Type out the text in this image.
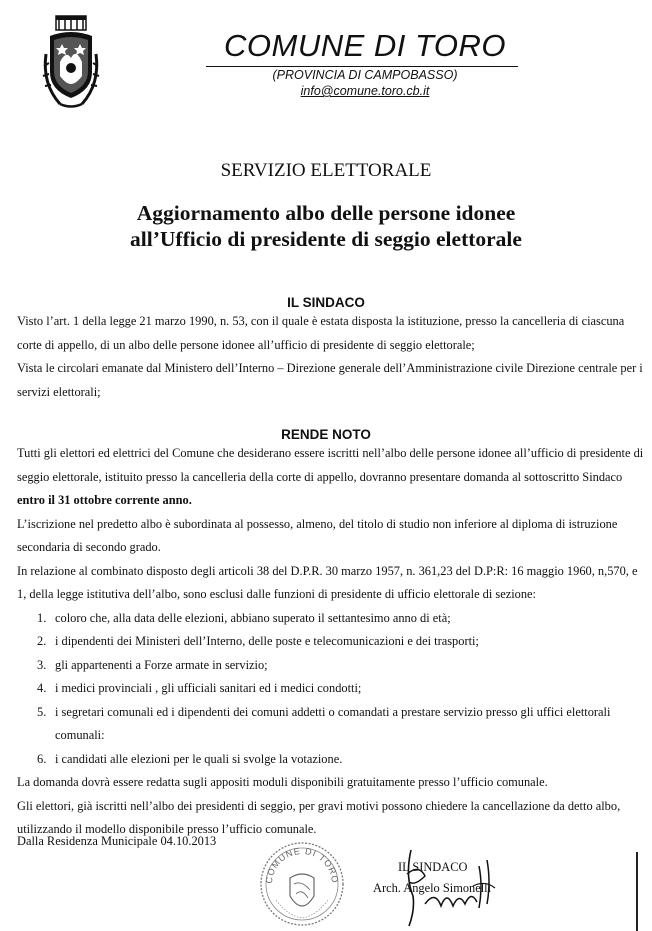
COMUNE DI TORO
(PROVINCIA DI CAMPOBASSO)
info@comune.toro.cb.it
SERVIZIO ELETTORALE
Aggiornamento albo delle persone idonee
all’Ufficio di presidente di seggio elettorale
IL SINDACO

Visto l’art. 1 della legge 21 marzo 1990, n. 53, con il quale è estata disposta la istituzione, presso la cancelleria di ciascuna corte di appello, di un albo delle persone idonee all’ufficio di presidente di seggio elettorale;

Vista le circolari emanate dal Ministero dell’Interno – Direzione generale dell’Amministrazione civile Direzione centrale per i servizi elettorali;

RENDE NOTO

Tutti gli elettori ed elettrici del Comune che desiderano essere iscritti nell’albo delle persone idonee all’ufficio di presidente di seggio elettorale, istituito presso la cancelleria della corte di appello, dovranno presentare domanda al sottoscritto Sindaco entro il 31 ottobre corrente anno.

L’iscrizione nel predetto albo è subordinata al possesso, almeno, del titolo di studio non inferiore al diploma di istruzione secondaria di secondo grado.

In relazione al combinato disposto degli articoli 38 del D.P.R. 30 marzo 1957, n. 361,23 del D.P:R: 16 maggio 1960, n,570, e 1, della legge istitutiva dell’albo, sono esclusi dalle funzioni di presidente di ufficio elettorale di sezione:

1. coloro che, alla data delle elezioni, abbiano superato il settantesimo anno di età;
2. i dipendenti dei Ministeri dell’Interno, delle poste e telecomunicazioni e dei trasporti;
3. gli appartenenti a Forze armate in servizio;
4. i medici provinciali , gli ufficiali sanitari ed i medici condotti;
5. i segretari comunali ed i dipendenti dei comuni addetti o comandati a prestare servizio presso gli uffici elettorali comunali:
6. i candidati alle elezioni per le quali si svolge la votazione.

La domanda dovrà essere redatta sugli appositi moduli disponibili gratuitamente presso l’ufficio comunale.

Gli elettori, già iscritti nell’albo dei presidenti di seggio, per gravi motivi possono chiedere la cancellazione da detto albo, utilizzando il modello disponibile presso l’ufficio comunale.

Dalla Residenza Municipale 04.10.2013
COMUNE DI TORO
IL SINDACO
Arch. Angelo Simonelli
